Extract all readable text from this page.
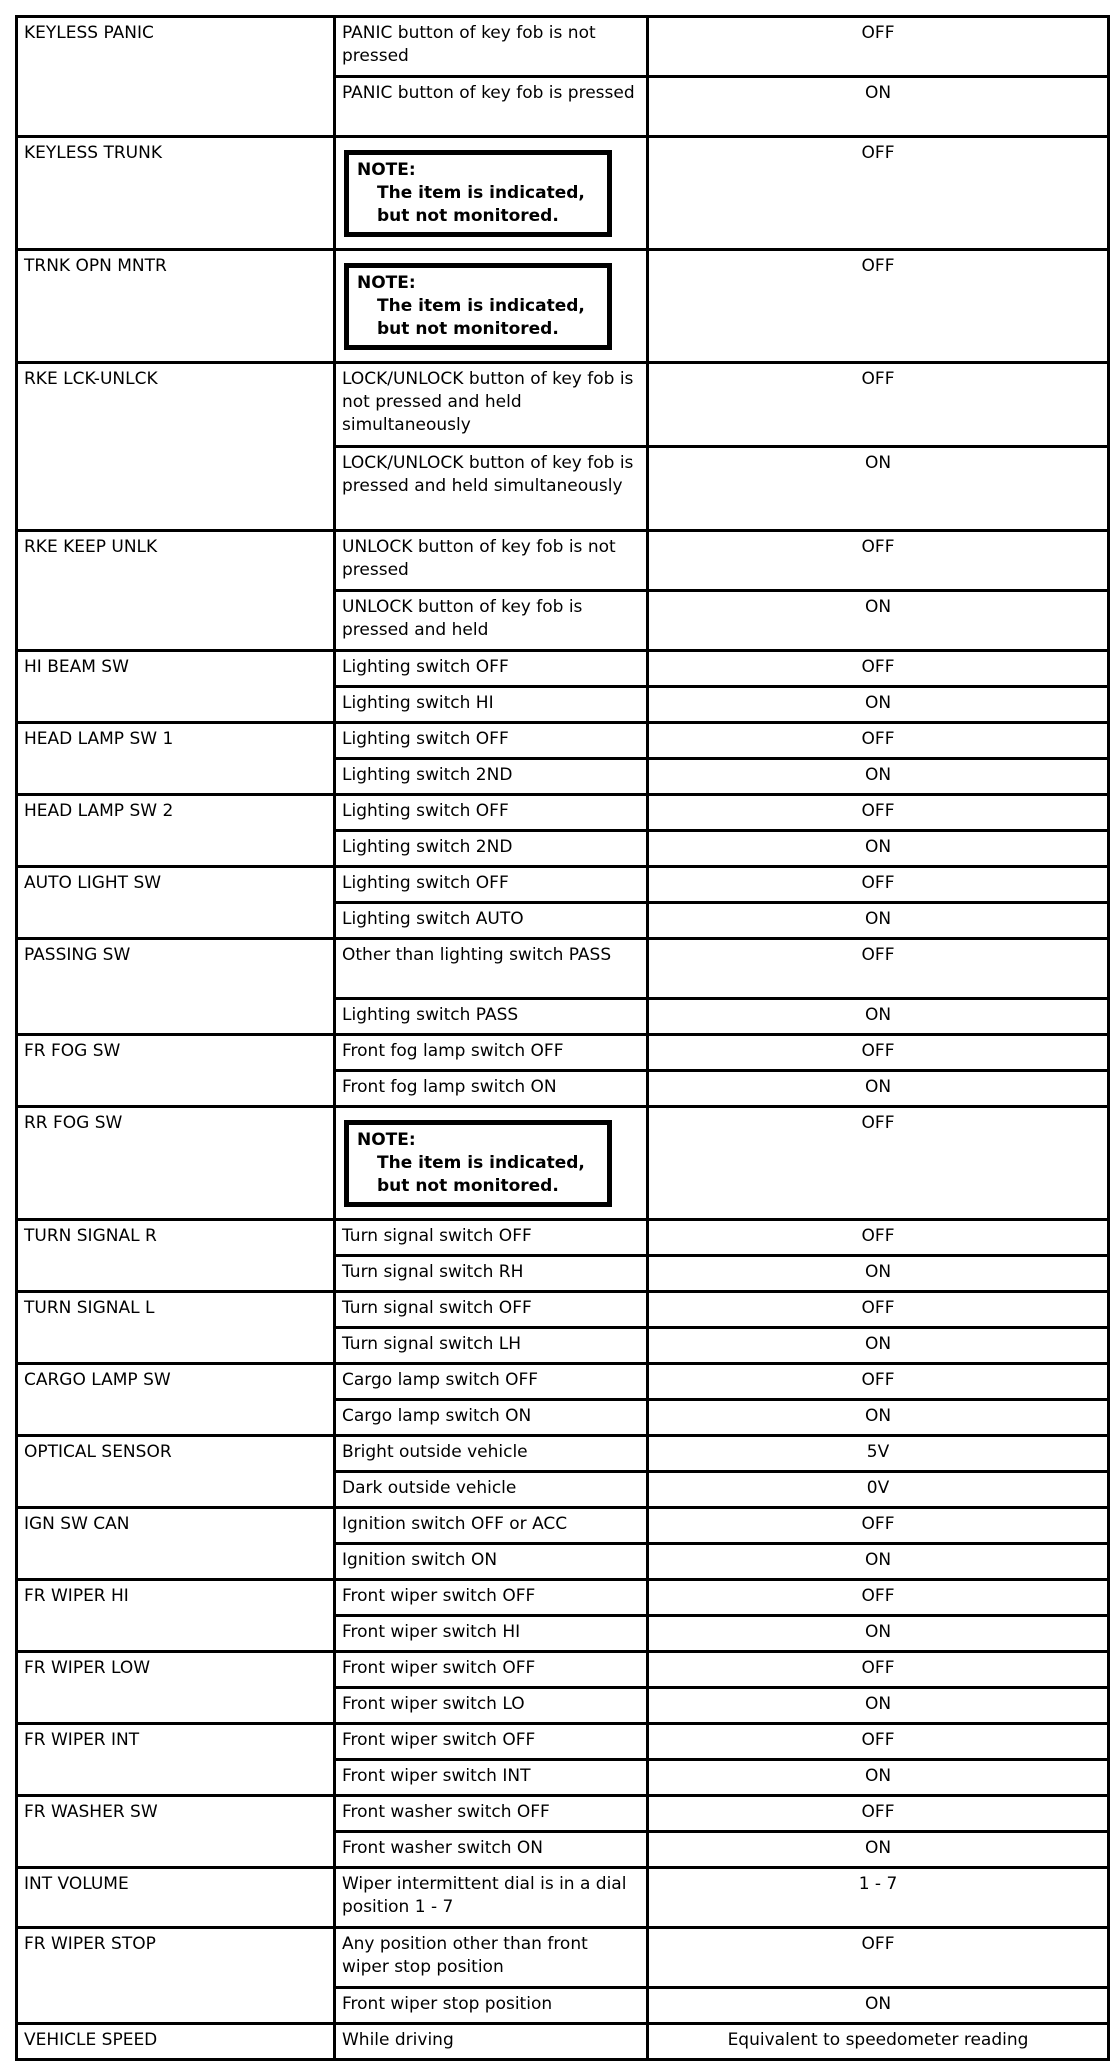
KEYLESS PANIC	PANIC button of key fob is not pressed	OFF
	PANIC button of key fob is pressed	ON
KEYLESS TRUNK	NOTE:
The item is indicated,
but not monitored.	OFF
TRNK OPN MNTR	NOTE:
The item is indicated,
but not monitored.	OFF
RKE LCK-UNLCK	LOCK/UNLOCK button of key fob is not pressed and held simultaneously	OFF
	LOCK/UNLOCK button of key fob is pressed and held simultaneously	ON
RKE KEEP UNLK	UNLOCK button of key fob is not pressed	OFF
	UNLOCK button of key fob is pressed and held	ON
HI BEAM SW	Lighting switch OFF	OFF
	Lighting switch HI	ON
HEAD LAMP SW 1	Lighting switch OFF	OFF
	Lighting switch 2ND	ON
HEAD LAMP SW 2	Lighting switch OFF	OFF
	Lighting switch 2ND	ON
AUTO LIGHT SW	Lighting switch OFF	OFF
	Lighting switch AUTO	ON
PASSING SW	Other than lighting switch PASS	OFF
	Lighting switch PASS	ON
FR FOG SW	Front fog lamp switch OFF	OFF
	Front fog lamp switch ON	ON
RR FOG SW	NOTE:
The item is indicated,
but not monitored.	OFF
TURN SIGNAL R	Turn signal switch OFF	OFF
	Turn signal switch RH	ON
TURN SIGNAL L	Turn signal switch OFF	OFF
	Turn signal switch LH	ON
CARGO LAMP SW	Cargo lamp switch OFF	OFF
	Cargo lamp switch ON	ON
OPTICAL SENSOR	Bright outside vehicle	5V
	Dark outside vehicle	0V
IGN SW CAN	Ignition switch OFF or ACC	OFF
	Ignition switch ON	ON
FR WIPER HI	Front wiper switch OFF	OFF
	Front wiper switch HI	ON
FR WIPER LOW	Front wiper switch OFF	OFF
	Front wiper switch LO	ON
FR WIPER INT	Front wiper switch OFF	OFF
	Front wiper switch INT	ON
FR WASHER SW	Front washer switch OFF	OFF
	Front washer switch ON	ON
INT VOLUME	Wiper intermittent dial is in a dial position 1 - 7	1 - 7
FR WIPER STOP	Any position other than front wiper stop position	OFF
	Front wiper stop position	ON
VEHICLE SPEED	While driving	Equivalent to speedometer reading
